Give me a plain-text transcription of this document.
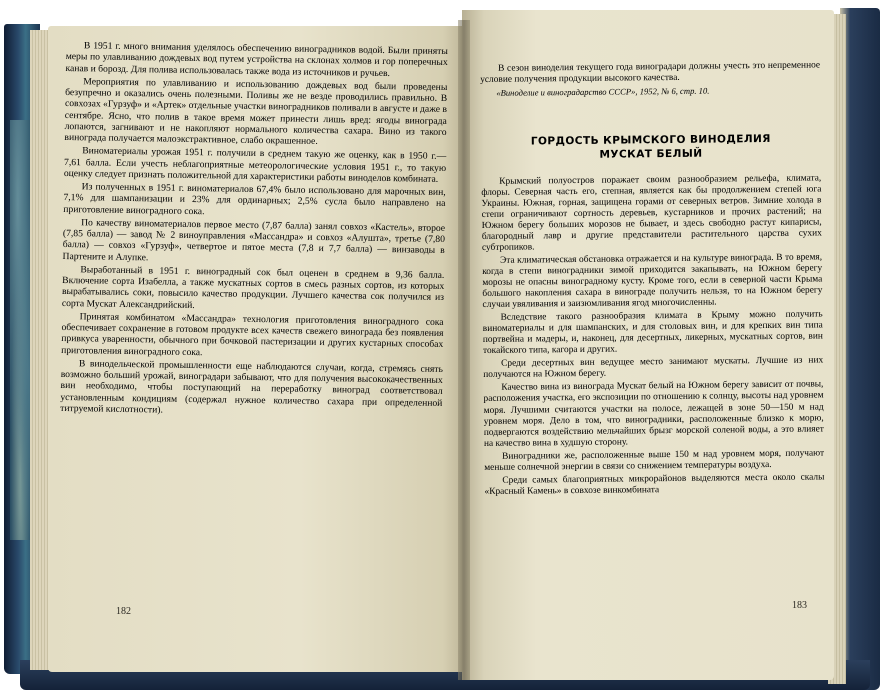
В 1951 г. много внимания уделялось обеспечению виноградников водой. Были приняты меры по улавливанию дождевых вод путем устройства на склонах холмов и гор поперечных канав и борозд. Для полива использовалась также вода из источников и ручьев.

Мероприятия по улавливанию и использованию дождевых вод были проведены безупречно и оказались очень полезными. Поливы же не везде проводились правильно. В совхозах «Гурзуф» и «Артек» отдельные участки виноградников поливали в августе и даже в сентябре. Ясно, что полив в такое время может принести лишь вред: ягоды винограда лопаются, загнивают и не накопляют нормального количества сахара. Вино из такого винограда получается малоэкстрактивное, слабо окрашенное.

Виноматериалы урожая 1951 г. получили в среднем такую же оценку, как в 1950 г.— 7,61 балла. Если учесть неблагоприятные метеорологические условия 1951 г., то такую оценку следует признать положительной для характеристики работы виноделов комбината.

Из полученных в 1951 г. виноматериалов 67,4% было использовано для марочных вин, 7,1% для шампанизации и 23% для ординарных; 2,5% сусла было направлено на приготовление виноградного сока.

По качеству виноматериалов первое место (7,87 балла) занял совхоз «Кастель», второе (7,85 балла) — завод № 2 виноуправления «Массандра» и совхоз «Алушта», третье (7,80 балла) — совхоз «Гурзуф», четвертое и пятое места (7,8 и 7,7 балла) — винзаводы в Партените и Алупке.

Выработанный в 1951 г. виноградный сок был оценен в среднем в 9,36 балла. Включение сорта Изабелла, а также мускатных сортов в смесь разных сортов, из которых вырабатывались соки, повысило качество продукции. Лучшего качества сок получился из сорта Мускат Александрийский.

Принятая комбинатом «Массандра» технология приготовления виноградного сока обеспечивает сохранение в готовом продукте всех качеств свежего винограда без появления привкуса уваренности, обычного при бочковой пастеризации и других кустарных способах приготовления виноградного сока.

В винодельческой промышленности еще наблюдаются случаи, когда, стремясь снять возможно больший урожай, виноградари забывают, что для получения высококачественных вин необходимо, чтобы поступающий на переработку виноград соответствовал установленным кондициям (содержал нужное количество сахара при определенной титруемой кислотности).

182

В сезон виноделия текущего года виноградари должны учесть это непременное условие получения продукции высокого качества.

«Виноделие и виноградарство СССР», 1952, № 6, стр. 10.

ГОРДОСТЬ КРЫМСКОГО ВИНОДЕЛИЯ
МУСКАТ БЕЛЫЙ

Крымский полуостров поражает своим разнообразием рельефа, климата, флоры. Северная часть его, степная, является как бы продолжением степей юга Украины. Южная, горная, защищена горами от северных ветров. Зимние холода в степи ограничивают сортность деревьев, кустарников и прочих растений; на Южном берегу больших морозов не бывает, и здесь свободно растут кипарисы, благородный лавр и другие представители растительного царства сухих субтропиков.

Эта климатическая обстановка отражается и на культуре винограда. В то время, когда в степи виноградники зимой приходится закапывать, на Южном берегу морозы не опасны виноградному кусту. Кроме того, если в северной части Крыма большого накопления сахара в винограде получить нельзя, то на Южном берегу случаи увяливания и заизюмливания ягод многочисленны.

Вследствие такого разнообразия климата в Крыму можно получить виноматериалы и для шампанских, и для столовых вин, и для крепких вин типа портвейна и мадеры, и, наконец, для десертных, ликерных, мускатных сортов, вин токайского типа, кагора и других.

Среди десертных вин ведущее место занимают мускаты. Лучшие из них получаются на Южном берегу.

Качество вина из винограда Мускат белый на Южном берегу зависит от почвы, расположения участка, его экспозиции по отношению к солнцу, высоты над уровнем моря. Лучшими считаются участки на полосе, лежащей в зоне 50—150 м над уровнем моря. Дело в том, что виноградники, расположенные близко к морю, подвергаются воздействию мельчайших брызг морской соленой воды, а это влияет на качество вина в худшую сторону.

Виноградники же, расположенные выше 150 м над уровнем моря, получают меньше солнечной энергии в связи со снижением температуры воздуха.

Среди самых благоприятных микрорайонов выделяются места около скалы «Красный Камень» в совхозе винкомбината

183
